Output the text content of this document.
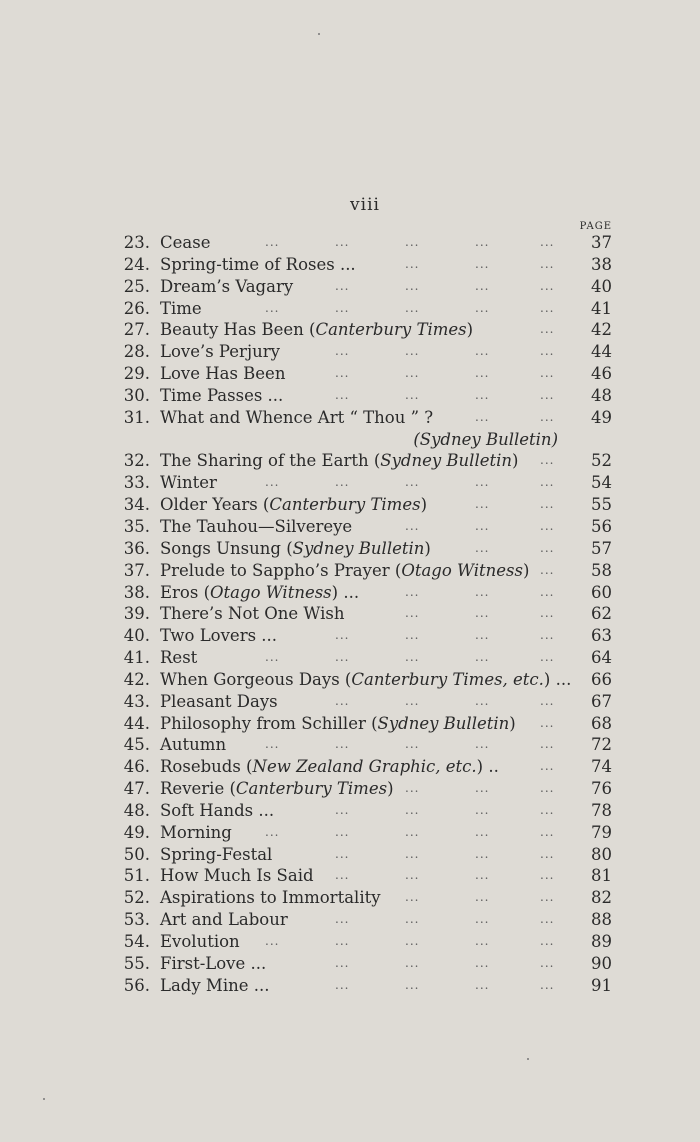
viii
PAGE
...	...	...	...	...
23. Cease	37
...	...	...
24. Spring-time of Roses ...	38
...	...	...	...
25. Dream’s Vagary	40
...	...	...	...	...
26. Time	41
...
27. Beauty Has Been (Canterbury Times)	42
...	...	...	...
28. Love’s Perjury	44
...	...	...	...
29. Love Has Been	46
...	...	...	...
30. Time Passes ...	48
...	...
31. What and Whence Art “ Thou ” ?	49
(Sydney Bulletin)
...
32. The Sharing of the Earth (Sydney Bulletin)	52
...	...	...	...	...
33. Winter	54
...	...
34. Older Years (Canterbury Times)	55
...	...	...
35. The Tauhou—Silvereye	56
...	...
36. Songs Unsung (Sydney Bulletin)	57
...
37. Prelude to Sappho’s Prayer (Otago Witness)	58
...	...	...
38. Eros (Otago Witness) ...	60
...	...	...
39. There’s Not One Wish	62
...	...	...	...
40. Two Lovers ...	63
...	...	...	...	...
41. Rest	64
42. When Gorgeous Days (Canterbury Times, etc.) ...	66
...	...	...	...
43. Pleasant Days	67
...
44. Philosophy from Schiller (Sydney Bulletin)	68
...	...	...	...	...
45. Autumn	72
...
46. Rosebuds (New Zealand Graphic, etc.) ..	74
...	...	...
47. Reverie (Canterbury Times)	76
...	...	...	...
48. Soft Hands ...	78
...	...	...	...	...
49. Morning	79
...	...	...	...
50. Spring-Festal	80
...	...	...	...
51. How Much Is Said	81
...	...	...
52. Aspirations to Immortality	82
...	...	...	...
53. Art and Labour	88
...	...	...	...	...
54. Evolution	89
...	...	...	...
55. First-Love ...	90
...	...	...	...
56. Lady Mine ...	91
